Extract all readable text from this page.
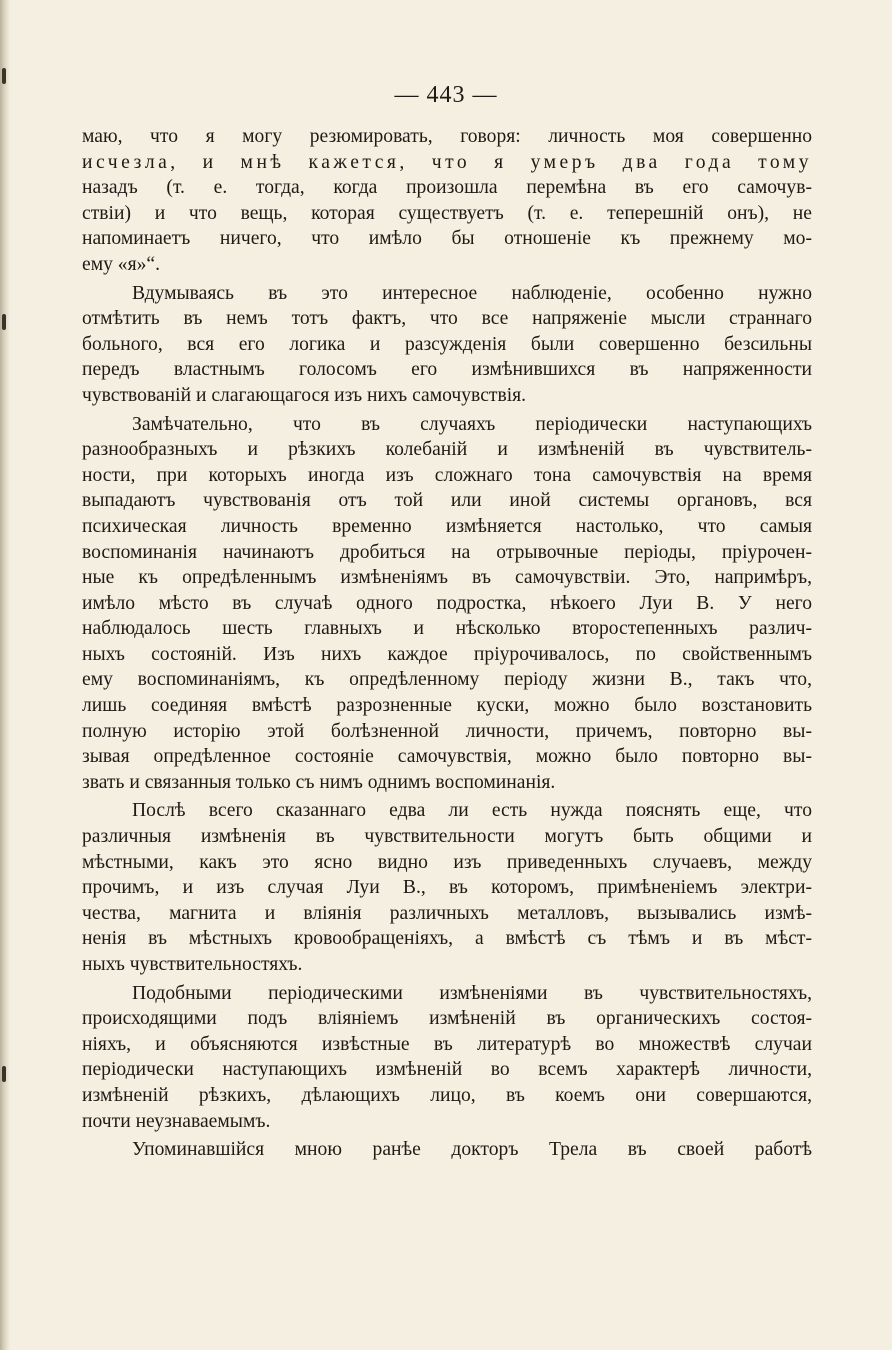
— 443 —
маю, что я могу резюмировать, говоря: личность моя совершенно
исчезла, и мнѣ кажется, что я умеръ два года тому
назадъ (т. е. тогда, когда произошла перемѣна въ его самочув-
ствіи) и что вещь, которая существуетъ (т. е. теперешній онъ), не
напоминаетъ ничего, что имѣло бы отношеніе къ прежнему мо-
ему «я»“.
Вдумываясь въ это интересное наблюденіе, особенно нужно
отмѣтить въ немъ тотъ фактъ, что все напряженіе мысли страннаго
больного, вся его логика и разсужденія были совершенно безсильны
передъ властнымъ голосомъ его измѣнившихся въ напряженности
чувствованій и слагающагося изъ нихъ самочувствія.
Замѣчательно, что въ случаяхъ періодически наступающихъ
разнообразныхъ и рѣзкихъ колебаній и измѣненій въ чувствитель-
ности, при которыхъ иногда изъ сложнаго тона самочувствія на время
выпадаютъ чувствованія отъ той или иной системы органовъ, вся
психическая личность временно измѣняется настолько, что самыя
воспоминанія начинаютъ дробиться на отрывочные періоды, пріурочен-
ные къ опредѣленнымъ измѣненіямъ въ самочувствіи. Это, напримѣръ,
имѣло мѣсто въ случаѣ одного подростка, нѣкоего Луи В. У него
наблюдалось шесть главныхъ и нѣсколько второстепенныхъ различ-
ныхъ состояній. Изъ нихъ каждое пріурочивалось, по свойственнымъ
ему воспоминаніямъ, къ опредѣленному періоду жизни В., такъ что,
лишь соединяя вмѣстѣ разрозненные куски, можно было возстановить
полную исторію этой болѣзненной личности, причемъ, повторно вы-
зывая опредѣленное состояніе самочувствія, можно было повторно вы-
звать и связанныя только съ нимъ однимъ воспоминанія.
Послѣ всего сказаннаго едва ли есть нужда пояснять еще, что
различныя измѣненія въ чувствительности могутъ быть общими и
мѣстными, какъ это ясно видно изъ приведенныхъ случаевъ, между
прочимъ, и изъ случая Луи В., въ которомъ, примѣненіемъ электри-
чества, магнита и вліянія различныхъ металловъ, вызывались измѣ-
ненія въ мѣстныхъ кровообращеніяхъ, а вмѣстѣ съ тѣмъ и въ мѣст-
ныхъ чувствительностяхъ.
Подобными періодическими измѣненіями въ чувствительностяхъ,
происходящими подъ вліяніемъ измѣненій въ органическихъ состоя-
ніяхъ, и объясняются извѣстные въ литературѣ во множествѣ случаи
періодически наступающихъ измѣненій во всемъ характерѣ личности,
измѣненій рѣзкихъ, дѣлающихъ лицо, въ коемъ они совершаются,
почти неузнаваемымъ.
Упоминавшійся мною ранѣе докторъ Трела въ своей работѣ
